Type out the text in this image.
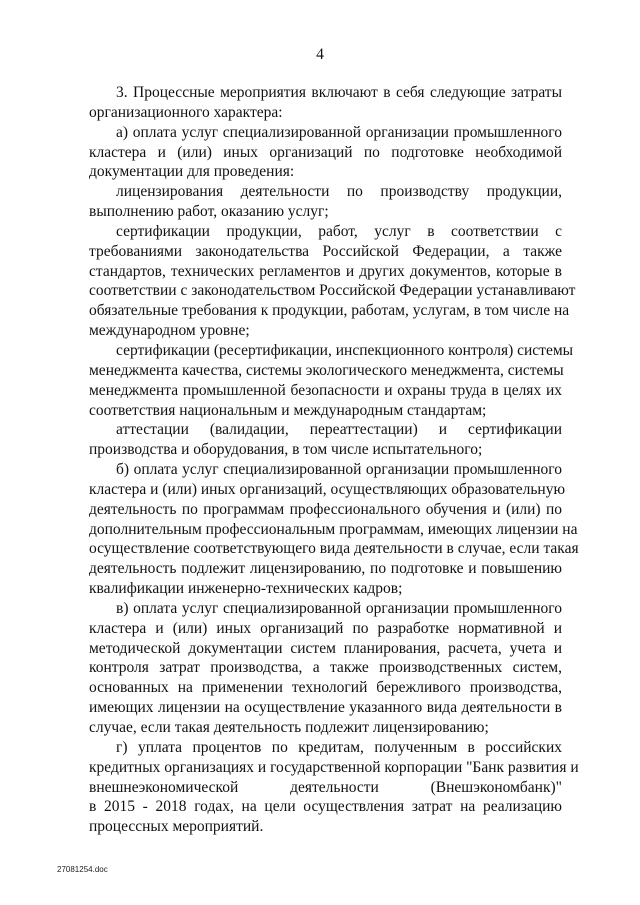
4
3. Процессные мероприятия включают в себя следующие затраты
организационного характера:
а) оплата услуг специализированной организации промышленного
кластера и (или) иных организаций по подготовке необходимой
документации для проведения:
лицензирования деятельности по производству продукции,
выполнению работ, оказанию услуг;
сертификации продукции, работ, услуг в соответствии с
требованиями законодательства Российской Федерации, а также
стандартов, технических регламентов и других документов, которые в
соответствии с законодательством Российской Федерации устанавливают
обязательные требования к продукции, работам, услугам, в том числе на
международном уровне;
сертификации (ресертификации, инспекционного контроля) системы
менеджмента качества, системы экологического менеджмента, системы
менеджмента промышленной безопасности и охраны труда в целях их
соответствия национальным и международным стандартам;
аттестации (валидации, переаттестации) и сертификации
производства и оборудования, в том числе испытательного;
б) оплата услуг специализированной организации промышленного
кластера и (или) иных организаций, осуществляющих образовательную
деятельность по программам профессионального обучения и (или) по
дополнительным профессиональным программам, имеющих лицензии на
осуществление соответствующего вида деятельности в случае, если такая
деятельность подлежит лицензированию, по подготовке и повышению
квалификации инженерно-технических кадров;
в) оплата услуг специализированной организации промышленного
кластера и (или) иных организаций по разработке нормативной и
методической документации систем планирования, расчета, учета и
контроля затрат производства, а также производственных систем,
основанных на применении технологий бережливого производства,
имеющих лицензии на осуществление указанного вида деятельности в
случае, если такая деятельность подлежит лицензированию;
г) уплата процентов по кредитам, полученным в российских
кредитных организациях и государственной корпорации "Банк развития и
внешнеэкономической деятельности (Внешэкономбанк)"
в 2015 - 2018 годах, на цели осуществления затрат на реализацию
процессных мероприятий.
27081254.doc
